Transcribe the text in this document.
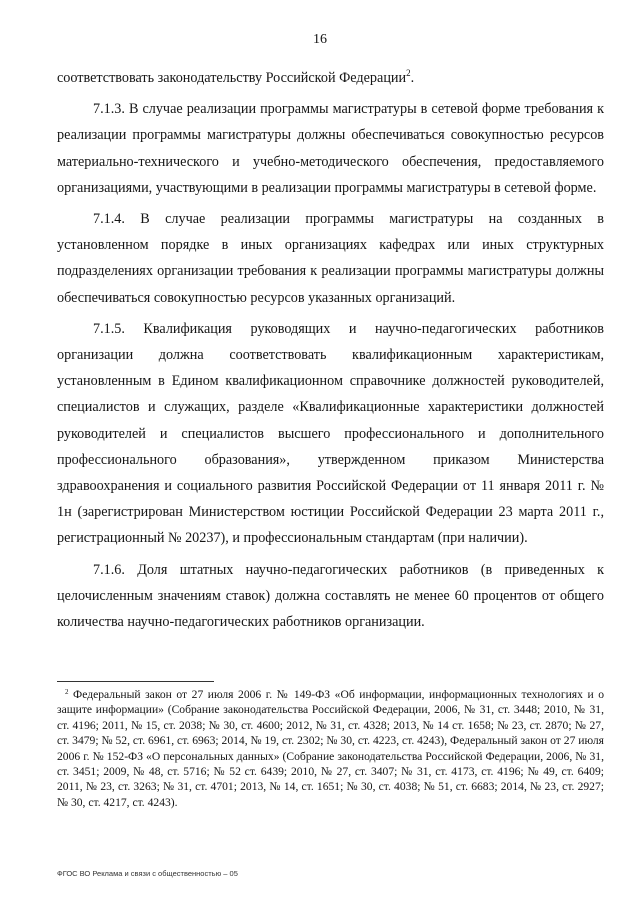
16

соответствовать законодательству Российской Федерации$^2$.

7.1.3. В случае реализации программы магистратуры в сетевой форме требования к реализации программы магистратуры должны обеспечиваться совокупностью ресурсов материально-технического и учебно-методического обеспечения, предоставляемого организациями, участвующими в реализации программы магистратуры в сетевой форме.

7.1.4. В случае реализации программы магистратуры на созданных в установленном порядке в иных организациях кафедрах или иных структурных подразделениях организации требования к реализации программы магистратуры должны обеспечиваться совокупностью ресурсов указанных организаций.

7.1.5. Квалификация руководящих и научно-педагогических работников организации должна соответствовать квалификационным характеристикам, установленным в Едином квалификационном справочнике должностей руководителей, специалистов и служащих, разделе «Квалификационные характеристики должностей руководителей и специалистов высшего профессионального и дополнительного профессионального образования», утвержденном приказом Министерства здравоохранения и социального развития Российской Федерации от 11 января 2011 г. № 1н (зарегистрирован Министерством юстиции Российской Федерации 23 марта 2011 г., регистрационный № 20237), и профессиональным стандартам (при наличии).

7.1.6. Доля штатных научно-педагогических работников (в приведенных к целочисленным значениям ставок) должна составлять не менее 60 процентов от общего количества научно-педагогических работников организации.

$^2$ Федеральный закон от 27 июля 2006 г. № 149-ФЗ «Об информации, информационных технологиях и о защите информации» (Собрание законодательства Российской Федерации, 2006, № 31, ст. 3448; 2010, № 31, ст. 4196; 2011, № 15, ст. 2038; № 30, ст. 4600; 2012, № 31, ст. 4328; 2013, № 14 ст. 1658; № 23, ст. 2870; № 27, ст. 3479; № 52, ст. 6961, ст. 6963; 2014, № 19, ст. 2302; № 30, ст. 4223, ст. 4243), Федеральный закон от 27 июля 2006 г. № 152-ФЗ «О персональных данных» (Собрание законодательства Российской Федерации, 2006, № 31, ст. 3451; 2009, № 48, ст. 5716; № 52 ст. 6439; 2010, № 27, ст. 3407; № 31, ст. 4173, ст. 4196; № 49, ст. 6409; 2011, № 23, ст. 3263; № 31, ст. 4701; 2013, № 14, ст. 1651; № 30, ст. 4038; № 51, ст. 6683; 2014, № 23, ст. 2927; № 30, ст. 4217, ст. 4243).
ФГОС ВО Реклама и связи с общественностью – 05
